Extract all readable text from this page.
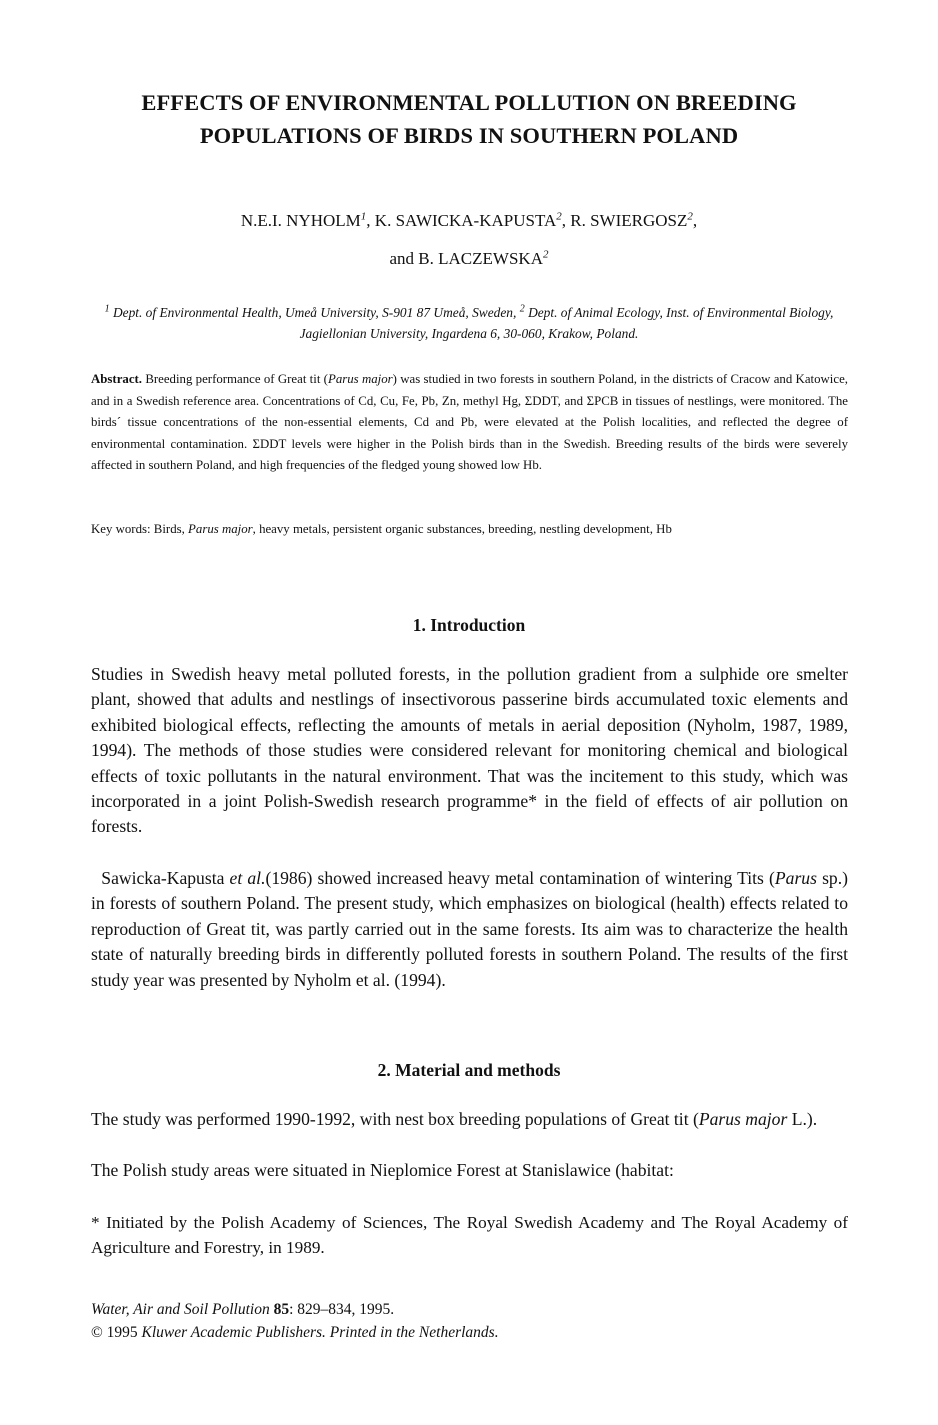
EFFECTS OF ENVIRONMENTAL POLLUTION ON BREEDING
POPULATIONS OF BIRDS IN SOUTHERN POLAND
N.E.I. NYHOLM$^1$, K. SAWICKA-KAPUSTA$^2$, R. SWIERGOSZ$^2$,
and B. LACZEWSKA$^2$
$^1$ Dept. of Environmental Health, Umeå University, S-901 87 Umeå, Sweden, $^2$ Dept. of Animal Ecology, Inst. of Environmental Biology, Jagiellonian University, Ingardena 6, 30-060, Krakow, Poland.
Abstract. Breeding performance of Great tit (Parus major) was studied in two forests in southern Poland, in the districts of Cracow and Katowice, and in a Swedish reference area. Concentrations of Cd, Cu, Fe, Pb, Zn, methyl Hg, ΣDDT, and ΣPCB in tissues of nestlings, were monitored. The birds´ tissue concentrations of the non-essential elements, Cd and Pb, were elevated at the Polish localities, and reflected the degree of environmental contamination. ΣDDT levels were higher in the Polish birds than in the Swedish. Breeding results of the birds were severely affected in southern Poland, and high frequencies of the fledged young showed low Hb.
Key words: Birds, Parus major, heavy metals, persistent organic substances, breeding, nestling development, Hb
1. Introduction

Studies in Swedish heavy metal polluted forests, in the pollution gradient from a sulphide ore smelter plant, showed that adults and nestlings of insectivorous passerine birds accumulated toxic elements and exhibited biological effects, reflecting the amounts of metals in aerial deposition (Nyholm, 1987, 1989, 1994). The methods of those studies were considered relevant for monitoring chemical and biological effects of toxic pollutants in the natural environment. That was the incitement to this study, which was incorporated in a joint Polish-Swedish research programme* in the field of effects of air pollution on forests.

Sawicka-Kapusta et al.(1986) showed increased heavy metal contamination of wintering Tits (Parus sp.) in forests of southern Poland. The present study, which emphasizes on biological (health) effects related to reproduction of Great tit, was partly carried out in the same forests. Its aim was to characterize the health state of naturally breeding birds in differently polluted forests in southern Poland. The results of the first study year was presented by Nyholm et al. (1994).

2. Material and methods

The study was performed 1990-1992, with nest box breeding populations of Great tit (Parus major L.).

The Polish study areas were situated in Nieplomice Forest at Stanislawice (habitat:

* Initiated by the Polish Academy of Sciences, The Royal Swedish Academy and The Royal Academy of Agriculture and Forestry, in 1989.

Water, Air and Soil Pollution 85: 829–834, 1995.
© 1995 Kluwer Academic Publishers. Printed in the Netherlands.
